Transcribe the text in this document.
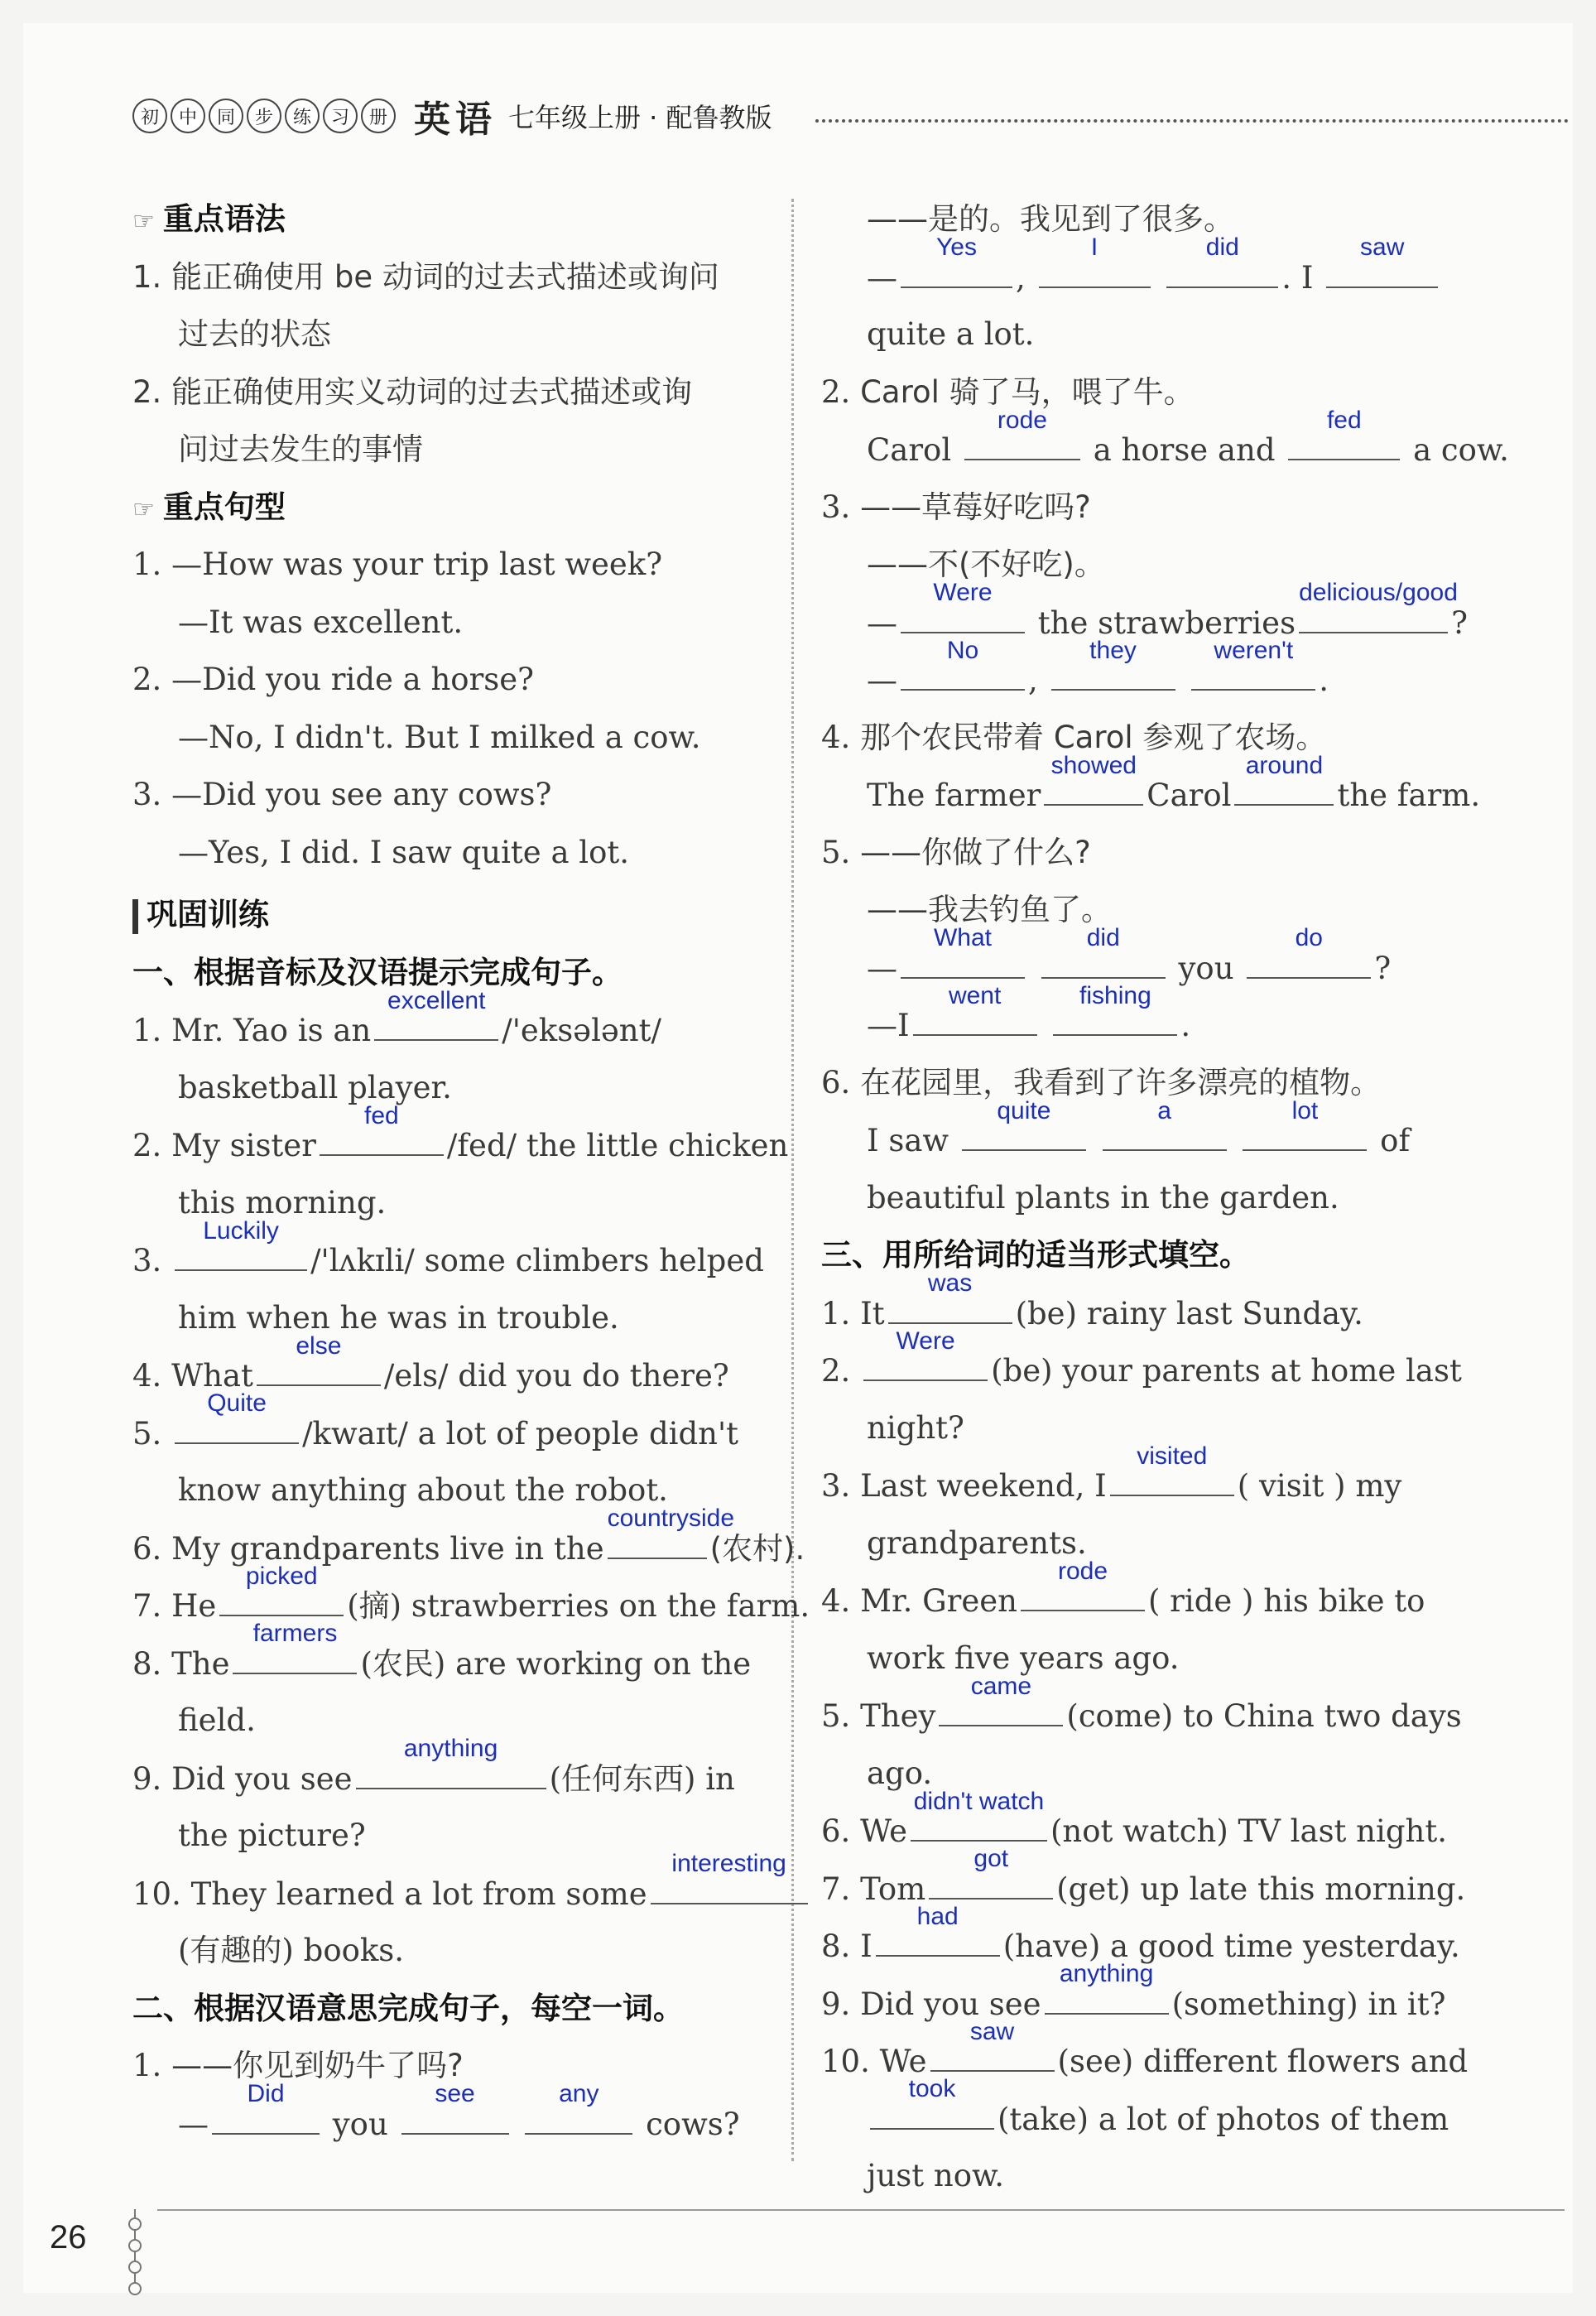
初	中	同	步	练	习	册 英语 七年级上册 · 配鲁教版
☞ 重点语法
1. 能正确使用 be 动词的过去式描述或询问
过去的状态
2. 能正确使用实义动词的过去式描述或询
问过去发生的事情
☞ 重点句型
1. —How was your trip last week?
—It was excellent.
2. —Did you ride a horse?
—No, I didn't. But I milked a cow.
3. —Did you see any cows?
—Yes, I did. I saw quite a lot.
巩固训练
一、根据音标及汉语提示完成句子。
1. Mr. Yao is an
excellent
/'eksələnt/
basketball player.
2. My sister
fed
/fed/ the little chicken
this morning.
3.
Luckily
/'lʌkɪli/ some climbers helped
him when he was in trouble.
4. What
else
/els/ did you do there?
5.
Quite
/kwaɪt/ a lot of people didn't
know anything about the robot.
6. My grandparents live in the
countryside
(农村).
7. He
picked
(摘) strawberries on the farm.
8. The
farmers
(农民) are working on the
field.
9. Did you see
anything
(任何东西) in
the picture?
10. They learned a lot from some
interesting
(有趣的) books.
二、根据汉语意思完成句子，每空一词。
1. ——你见到奶牛了吗?
—
Did
you
see
	any
cows?
——是的。我见到了很多。
—
Yes
,
I
	did
. I
saw
quite a lot.
2. Carol 骑了马，喂了牛。
Carol
rode
a horse and
fed
a cow.
3. ——草莓好吃吗?
——不(不好吃)。
—
Were
the strawberries
delicious/good
?
—
No
,
they
	weren't
.
4. 那个农民带着 Carol 参观了农场。
The farmer
showed
Carol
around
the farm.
5. ——你做了什么?
——我去钓鱼了。
—
What
	did
you
do
?
—I
went
	fishing
.
6. 在花园里，我看到了许多漂亮的植物。
I saw
quite
	a
	lot
of
beautiful plants in the garden.
三、用所给词的适当形式填空。
1. It
was
(be) rainy last Sunday.
2.
Were
(be) your parents at home last
night?
3. Last weekend, I
visited
( visit ) my
grandparents.
4. Mr. Green
rode
( ride ) his bike to
work five years ago.
5. They
came
(come) to China two days
ago.
6. We
didn't watch
(not watch) TV last night.
7. Tom
got
(get) up late this morning.
8. I
had
(have) a good time yesterday.
9. Did you see
anything
(something) in it?
10. We
saw
(see) different flowers and
took
(take) a lot of photos of them
just now.
26
